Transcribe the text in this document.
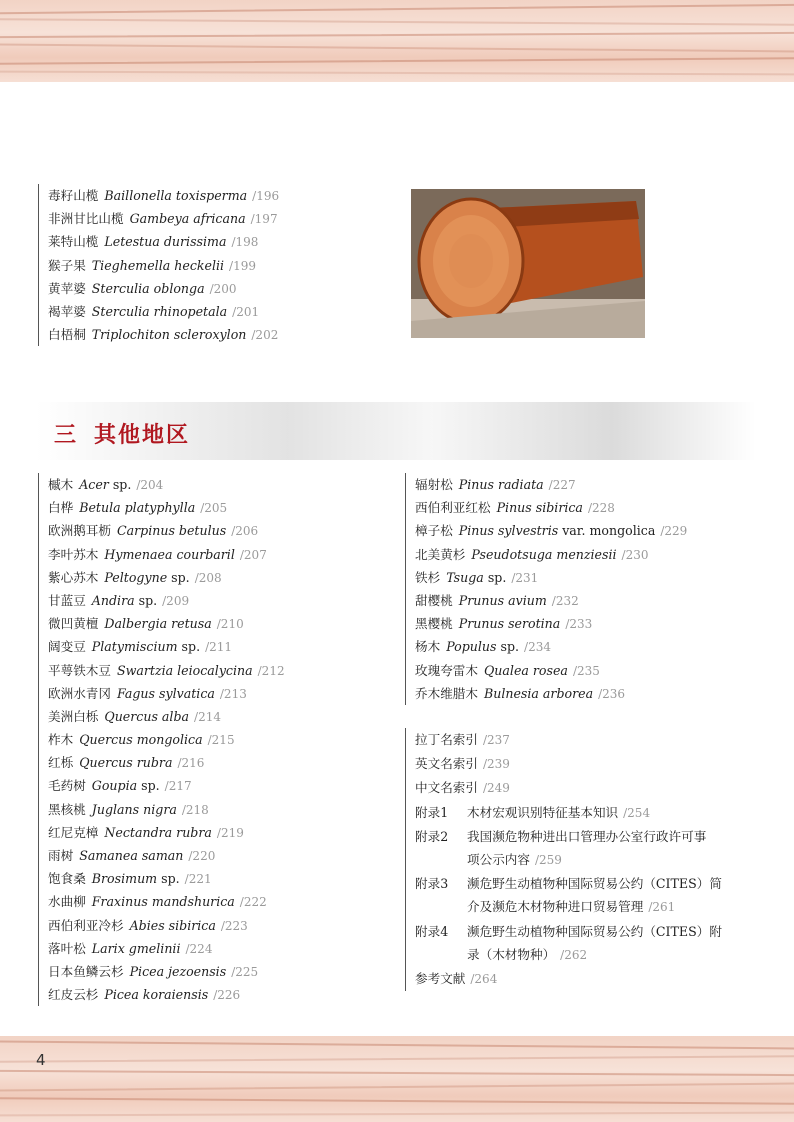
毒籽山榄 Baillonella toxisperma /196
非洲甘比山榄 Gambeya africana /197
莱特山榄 Letestua durissima /198
猴子果 Tieghemella heckelii /199
黄苹婆 Sterculia oblonga /200
褐苹婆 Sterculia rhinopetala /201
白梧桐 Triplochiton scleroxylon /202
三 其他地区
槭木 Acer sp. /204
白桦 Betula platyphylla /205
欧洲鹅耳枥 Carpinus betulus /206
李叶苏木 Hymenaea courbaril /207
紫心苏木 Peltogyne sp. /208
甘蓝豆 Andira sp. /209
微凹黄檀 Dalbergia retusa /210
阔变豆 Platymiscium sp. /211
平萼铁木豆 Swartzia leiocalycina /212
欧洲水青冈 Fagus sylvatica /213
美洲白栎 Quercus alba /214
柞木 Quercus mongolica /215
红栎 Quercus rubra /216
毛药树 Goupia sp. /217
黑核桃 Juglans nigra /218
红尼克樟 Nectandra rubra /219
雨树 Samanea saman /220
饱食桑 Brosimum sp. /221
水曲柳 Fraxinus mandshurica /222
西伯利亚冷杉 Abies sibirica /223
落叶松 Larix gmelinii /224
日本鱼鳞云杉 Picea jezoensis /225
红皮云杉 Picea koraiensis /226
辐射松 Pinus radiata /227
西伯利亚红松 Pinus sibirica /228
樟子松 Pinus sylvestris var. mongolica /229
北美黄杉 Pseudotsuga menziesii /230
铁杉 Tsuga sp. /231
甜樱桃 Prunus avium /232
黑樱桃 Prunus serotina /233
杨木 Populus sp. /234
玫瑰夸雷木 Qualea rosea /235
乔木维腊木 Bulnesia arborea /236
拉丁名索引 /237
英文名索引 /239
中文名索引 /249
附录1	木材宏观识别特征基本知识 /254
附录2	我国濒危物种进出口管理办公室行政许可事
项公示内容 /259
附录3	濒危野生动植物种国际贸易公约（CITES）简
介及濒危木材物种进口贸易管理 /261
附录4	濒危野生动植物种国际贸易公约（CITES）附
录（木材物种） /262
参考文献 /264
4
